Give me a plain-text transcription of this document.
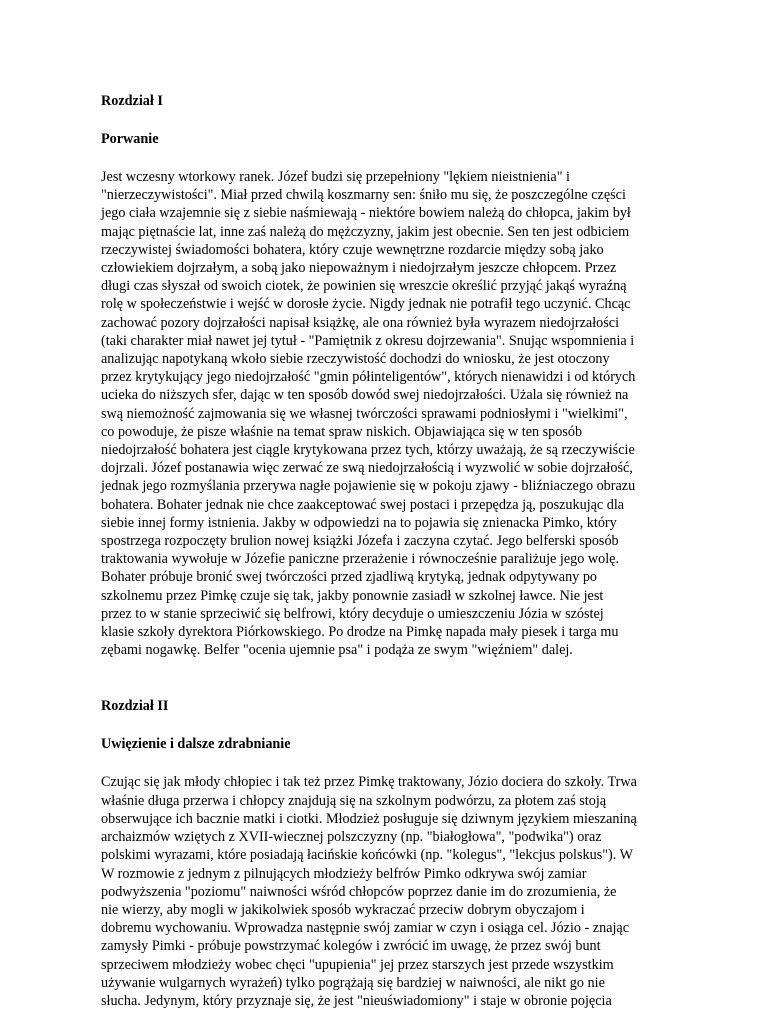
Rozdział I

Porwanie

Jest wczesny wtorkowy ranek. Józef budzi się przepełniony "lękiem nieistnienia" i
"nierzeczywistości". Miał przed chwilą koszmarny sen: śniło mu się, że poszczególne części
jego ciała wzajemnie się z siebie naśmiewają - niektóre bowiem należą do chłopca, jakim był
mając piętnaście lat, inne zaś należą do mężczyzny, jakim jest obecnie. Sen ten jest odbiciem
rzeczywistej świadomości bohatera, który czuje wewnętrzne rozdarcie między sobą jako
człowiekiem dojrzałym, a sobą jako niepoważnym i niedojrzałym jeszcze chłopcem. Przez
długi czas słyszał od swoich ciotek, że powinien się wreszcie określić przyjąć jakąś wyraźną
rolę w społeczeństwie i wejść w dorosłe życie. Nigdy jednak nie potrafił tego uczynić. Chcąc
zachować pozory dojrzałości napisał książkę, ale ona również była wyrazem niedojrzałości
(taki charakter miał nawet jej tytuł - "Pamiętnik z okresu dojrzewania". Snując wspomnienia i
analizując napotykaną wkoło siebie rzeczywistość dochodzi do wniosku, że jest otoczony
przez krytykujący jego niedojrzałość "gmin półinteligentów", których nienawidzi i od których
ucieka do niższych sfer, dając w ten sposób dowód swej niedojrzałości. Użala się również na
swą niemożność zajmowania się we własnej twórczości sprawami podniosłymi i "wielkimi",
co powoduje, że pisze właśnie na temat spraw niskich. Objawiająca się w ten sposób
niedojrzałość bohatera jest ciągle krytykowana przez tych, którzy uważają, że są rzeczywiście
dojrzali. Józef postanawia więc zerwać ze swą niedojrzałością i wyzwolić w sobie dojrzałość,
jednak jego rozmyślania przerywa nagłe pojawienie się w pokoju zjawy - bliźniaczego obrazu
bohatera. Bohater jednak nie chce zaakceptować swej postaci i przepędza ją, poszukując dla
siebie innej formy istnienia. Jakby w odpowiedzi na to pojawia się znienacka Pimko, który
spostrzega rozpoczęty brulion nowej książki Józefa i zaczyna czytać. Jego belferski sposób
traktowania wywołuje w Józefie paniczne przerażenie i równocześnie paraliżuje jego wolę.
Bohater próbuje bronić swej twórczości przed zjadliwą krytyką, jednak odpytywany po
szkolnemu przez Pimkę czuje się tak, jakby ponownie zasiadł w szkolnej ławce. Nie jest
przez to w stanie sprzeciwić się belfrowi, który decyduje o umieszczeniu Józia w szóstej
klasie szkoły dyrektora Piórkowskiego. Po drodze na Pimkę napada mały piesek i targa mu
zębami nogawkę. Belfer "ocenia ujemnie psa" i podąża ze swym "więźniem" dalej.

Rozdział II

Uwięzienie i dalsze zdrabnianie

Czując się jak młody chłopiec i tak też przez Pimkę traktowany, Józio dociera do szkoły. Trwa
właśnie długa przerwa i chłopcy znajdują się na szkolnym podwórzu, za płotem zaś stoją
obserwujące ich bacznie matki i ciotki. Młodzież posługuje się dziwnym językiem mieszaniną
archaizmów wziętych z XVII-wiecznej polszczyzny (np. "białogłowa", "podwika") oraz
polskimi wyrazami, które posiadają łacińskie końcówki (np. "kolegus", "lekcjus polskus"). W
W rozmowie z jednym z pilnujących młodzieży belfrów Pimko odkrywa swój zamiar
podwyższenia "poziomu" naiwności wśród chłopców poprzez danie im do zrozumienia, że
nie wierzy, aby mogli w jakikolwiek sposób wykraczać przeciw dobrym obyczajom i
dobremu wychowaniu. Wprowadza następnie swój zamiar w czyn i osiąga cel. Józio - znając
zamysły Pimki - próbuje powstrzymać kolegów i zwrócić im uwagę, że przez swój bunt
sprzeciwem młodzieży wobec chęci "upupienia" jej przez starszych jest przede wszystkim
używanie wulgarnych wyrażeń) tylko pogrążają się bardziej w naiwności, ale nikt go nie
słucha. Jedynym, który przyznaje się, że jest "nieuświadomiony" i staje w obronie pojęcia
